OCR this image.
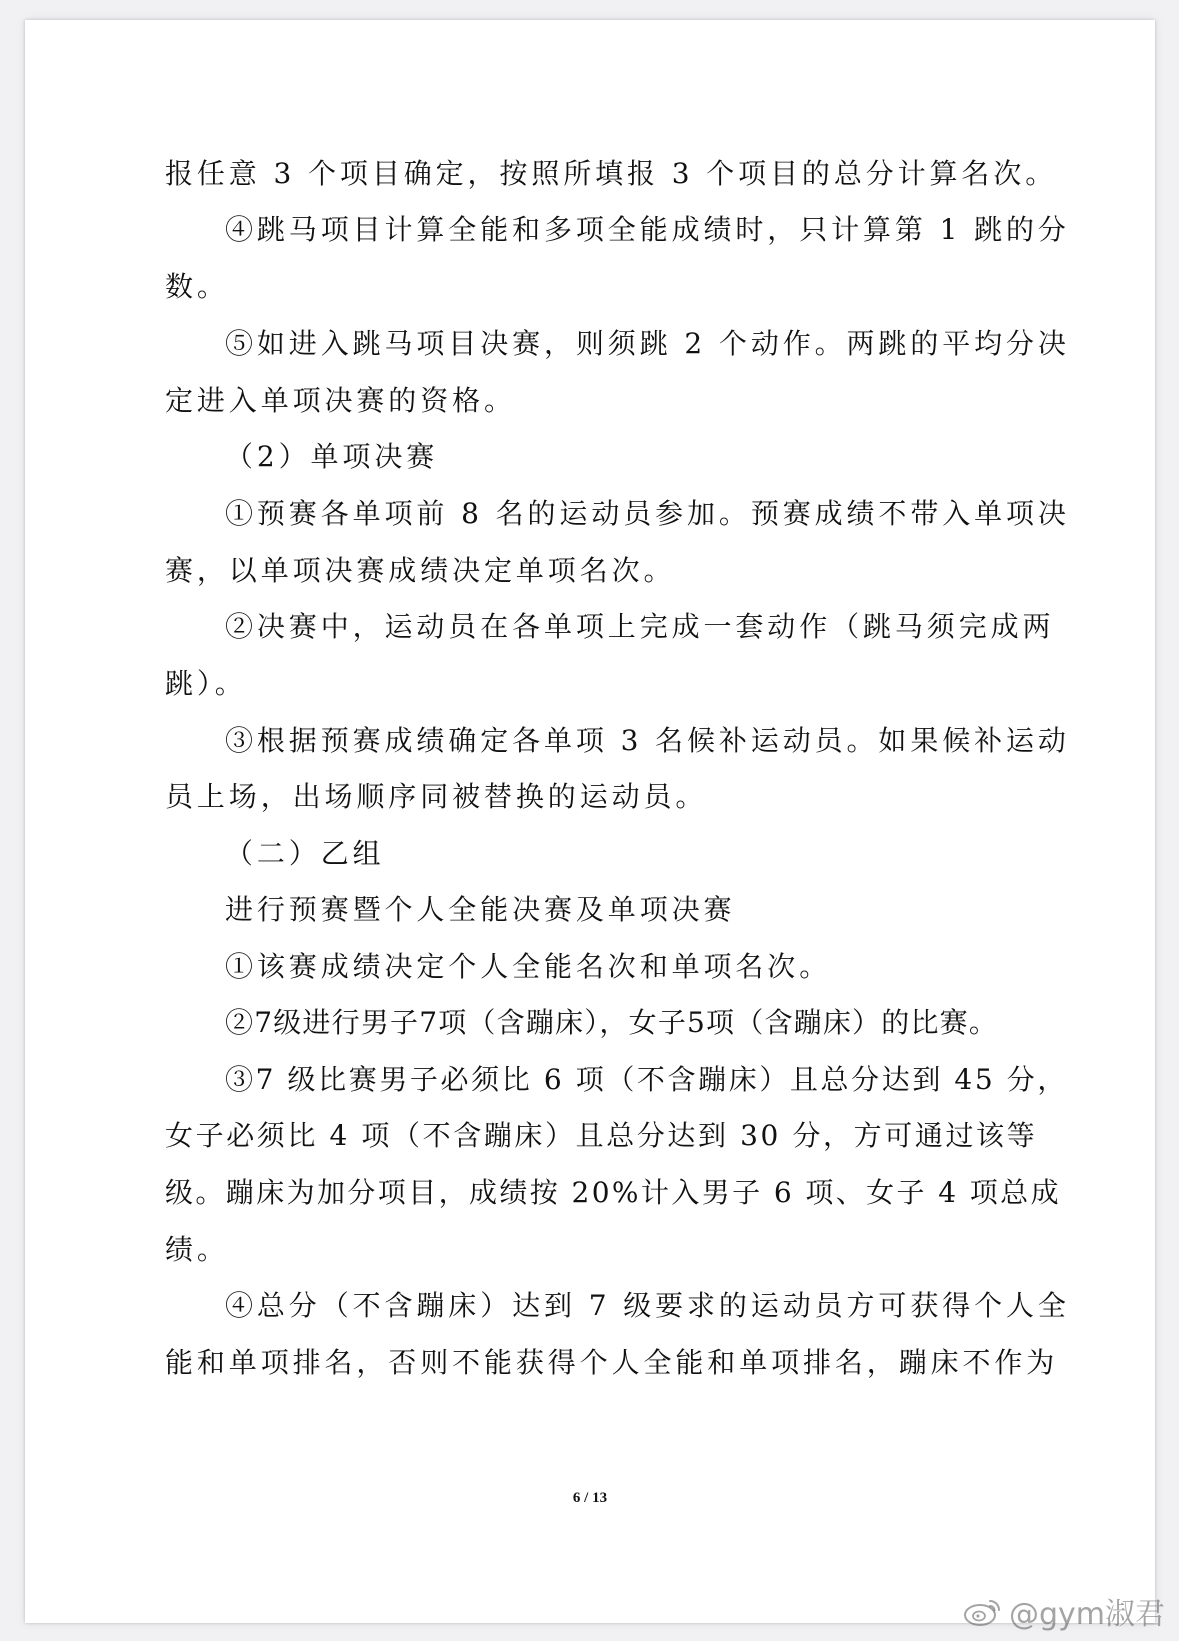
报任意 3 个项目确定，按照所填报 3 个项目的总分计算名次。
④跳马项目计算全能和多项全能成绩时，只计算第 1 跳的分
数。
⑤如进入跳马项目决赛，则须跳 2 个动作。两跳的平均分决
定进入单项决赛的资格。
（2）单项决赛
①预赛各单项前 8 名的运动员参加。预赛成绩不带入单项决
赛，以单项决赛成绩决定单项名次。
②决赛中，运动员在各单项上完成一套动作（跳马须完成两
跳）。
③根据预赛成绩确定各单项 3 名候补运动员。如果候补运动
员上场，出场顺序同被替换的运动员。
（二）乙组
进行预赛暨个人全能决赛及单项决赛
①该赛成绩决定个人全能名次和单项名次。
②7级进行男子7项（含蹦床），女子5项（含蹦床）的比赛。
③7 级比赛男子必须比 6 项（不含蹦床）且总分达到 45 分，
女子必须比 4 项（不含蹦床）且总分达到 30 分，方可通过该等
级。蹦床为加分项目，成绩按 20%计入男子 6 项、女子 4 项总成
绩。
④总分（不含蹦床）达到 7 级要求的运动员方可获得个人全
能和单项排名，否则不能获得个人全能和单项排名，蹦床不作为
6 / 13
@gym淑君
